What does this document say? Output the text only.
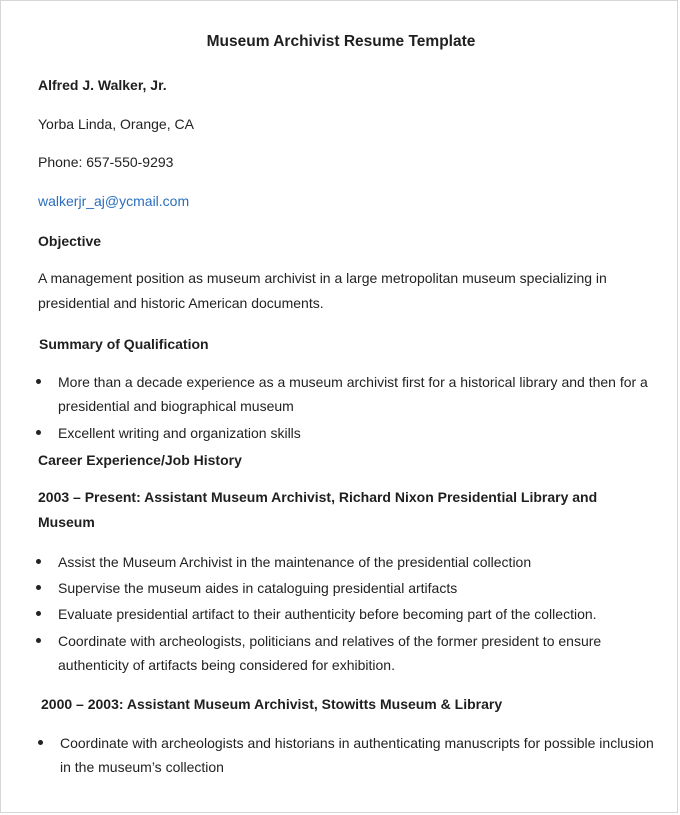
Museum Archivist Resume Template
Alfred J. Walker, Jr.
Yorba Linda, Orange, CA
Phone: 657-550-9293
walkerjr_aj@ycmail.com
Objective
A management position as museum archivist in a large metropolitan museum specializing in presidential and historic American documents.
Summary of Qualification
More than a decade experience as a museum archivist first for a historical library and then for a presidential and biographical museum
Excellent writing and organization skills
Career Experience/Job History
2003 – Present: Assistant Museum Archivist, Richard Nixon Presidential Library and Museum
Assist the Museum Archivist in the maintenance of the presidential collection
Supervise the museum aides in cataloguing presidential artifacts
Evaluate presidential artifact to their authenticity before becoming part of the collection.
Coordinate with archeologists, politicians and relatives of the former president to ensure authenticity of artifacts being considered for exhibition.
2000 – 2003: Assistant Museum Archivist, Stowitts Museum & Library
Coordinate with archeologists and historians in authenticating manuscripts for possible inclusion in the museum’s collection
